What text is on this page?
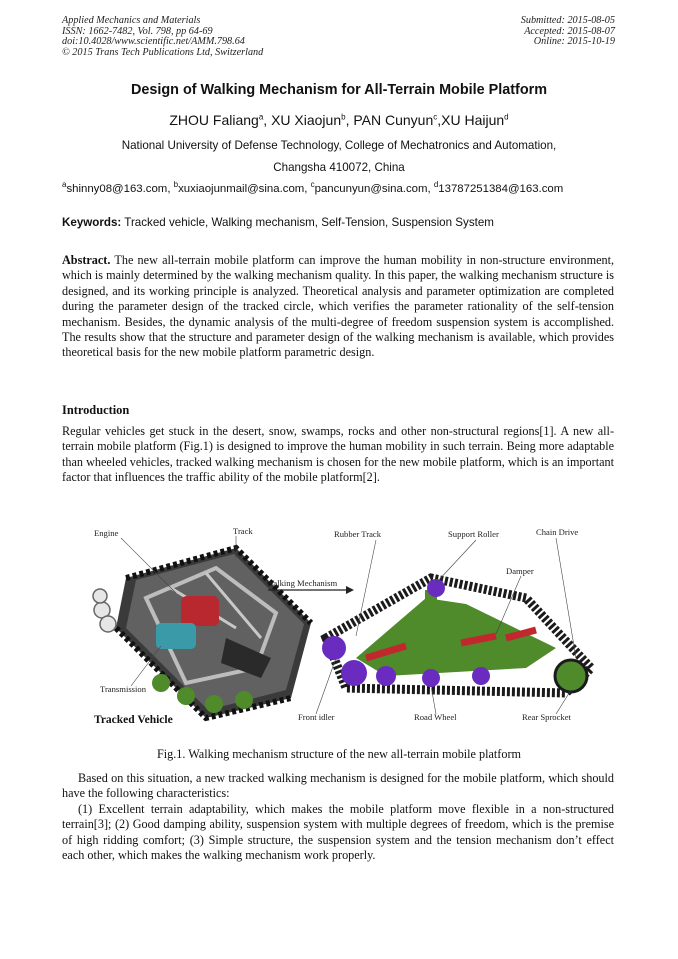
Applied Mechanics and Materials
ISSN: 1662-7482, Vol. 798, pp 64-69
doi:10.4028/www.scientific.net/AMM.798.64
© 2015 Trans Tech Publications Ltd, Switzerland
Submitted: 2015-08-05
Accepted: 2015-08-07
Online: 2015-10-19
Design of Walking Mechanism for All-Terrain Mobile Platform
ZHOU Faliang$^a$, XU Xiaojun$^b$, PAN Cunyun$^c$,XU Haijun$^d$
National University of Defense Technology, College of Mechatronics and Automation,
Changsha 410072, China
$^a$shinny08@163.com, $^b$xuxiaojunmail@sina.com, $^c$pancunyun@sina.com, $^d$13787251384@163.com
Keywords: Tracked vehicle, Walking mechanism, Self-Tension, Suspension System
Abstract. The new all-terrain mobile platform can improve the human mobility in non-structure environment, which is mainly determined by the walking mechanism quality. In this paper, the walking mechanism structure is designed, and its working principle is analyzed. Theoretical analysis and parameter optimization are completed during the parameter design of the tracked circle, which verifies the parameter rationality of the self-tension mechanism. Besides, the dynamic analysis of the multi-degree of freedom suspension system is accomplished. The results show that the structure and parameter design of the walking mechanism is available, which provides theoretical basis for the new mobile platform parametric design.
Introduction
Regular vehicles get stuck in the desert, snow, swamps, rocks and other non-structural regions[1]. A new all-terrain mobile platform (Fig.1) is designed to improve the human mobility in such terrain. Being more adaptable than wheeled vehicles, tracked walking mechanism is chosen for the new mobile platform, which is an important factor that influences the traffic ability of the mobile platform[2].
Engine	Track	Rubber Track	Support Roller	Chain Drive
Damper
Walking Mechanism
Transmission
Tracked Vehicle	Front idler	Road Wheel	Rear Sprocket
Fig.1. Walking mechanism structure of the new all-terrain mobile platform
Based on this situation, a new tracked walking mechanism is designed for the mobile platform, which should have the following characteristics:
(1) Excellent terrain adaptability, which makes the mobile platform move flexible in a non-structured terrain[3]; (2) Good damping ability, suspension system with multiple degrees of freedom, which is the premise of high ridding comfort; (3) Simple structure, the suspension system and the tension mechanism don’t effect each other, which makes the walking mechanism work properly.
